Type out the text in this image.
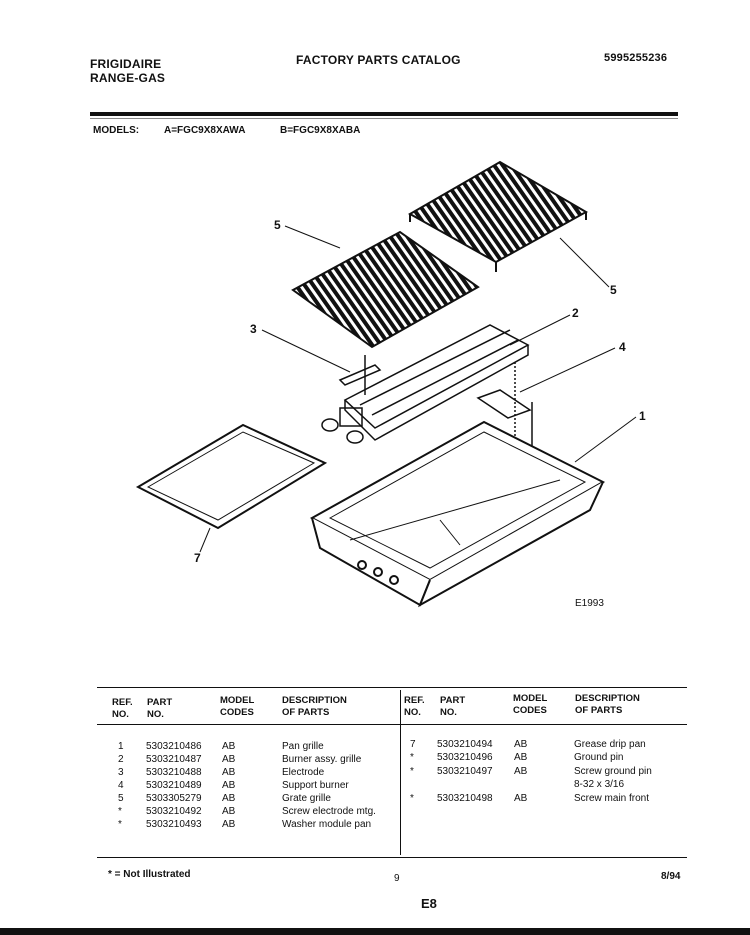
FRIGIDAIRE
RANGE-GAS
FACTORY PARTS CATALOG	5995255236
MODELS: A=FGC9X8XAWA	B=FGC9X8XABA
5
5
2
3
4
1
7
E1993
REF.
NO.
PART
NO.
MODEL
CODES
DESCRIPTION
OF PARTS
REF.
NO.
PART
NO.
MODEL
CODES
DESCRIPTION
OF PARTS
1 5303210486 AB	Pan grille
2 5303210487 AB	Burner assy. grille
3 5303210488 AB	Electrode
4 5303210489 AB	Support burner
5 5303305279 AB	Grate grille
* 5303210492 AB	Screw electrode mtg.
* 5303210493 AB	Washer module pan
7 5303210494 AB	Grease drip pan
* 5303210496 AB	Ground pin
* 5303210497 AB	Screw ground pin
8-32 x 3/16
* 5303210498 AB	Screw main front
* = Not Illustrated	9	8/94
E8
